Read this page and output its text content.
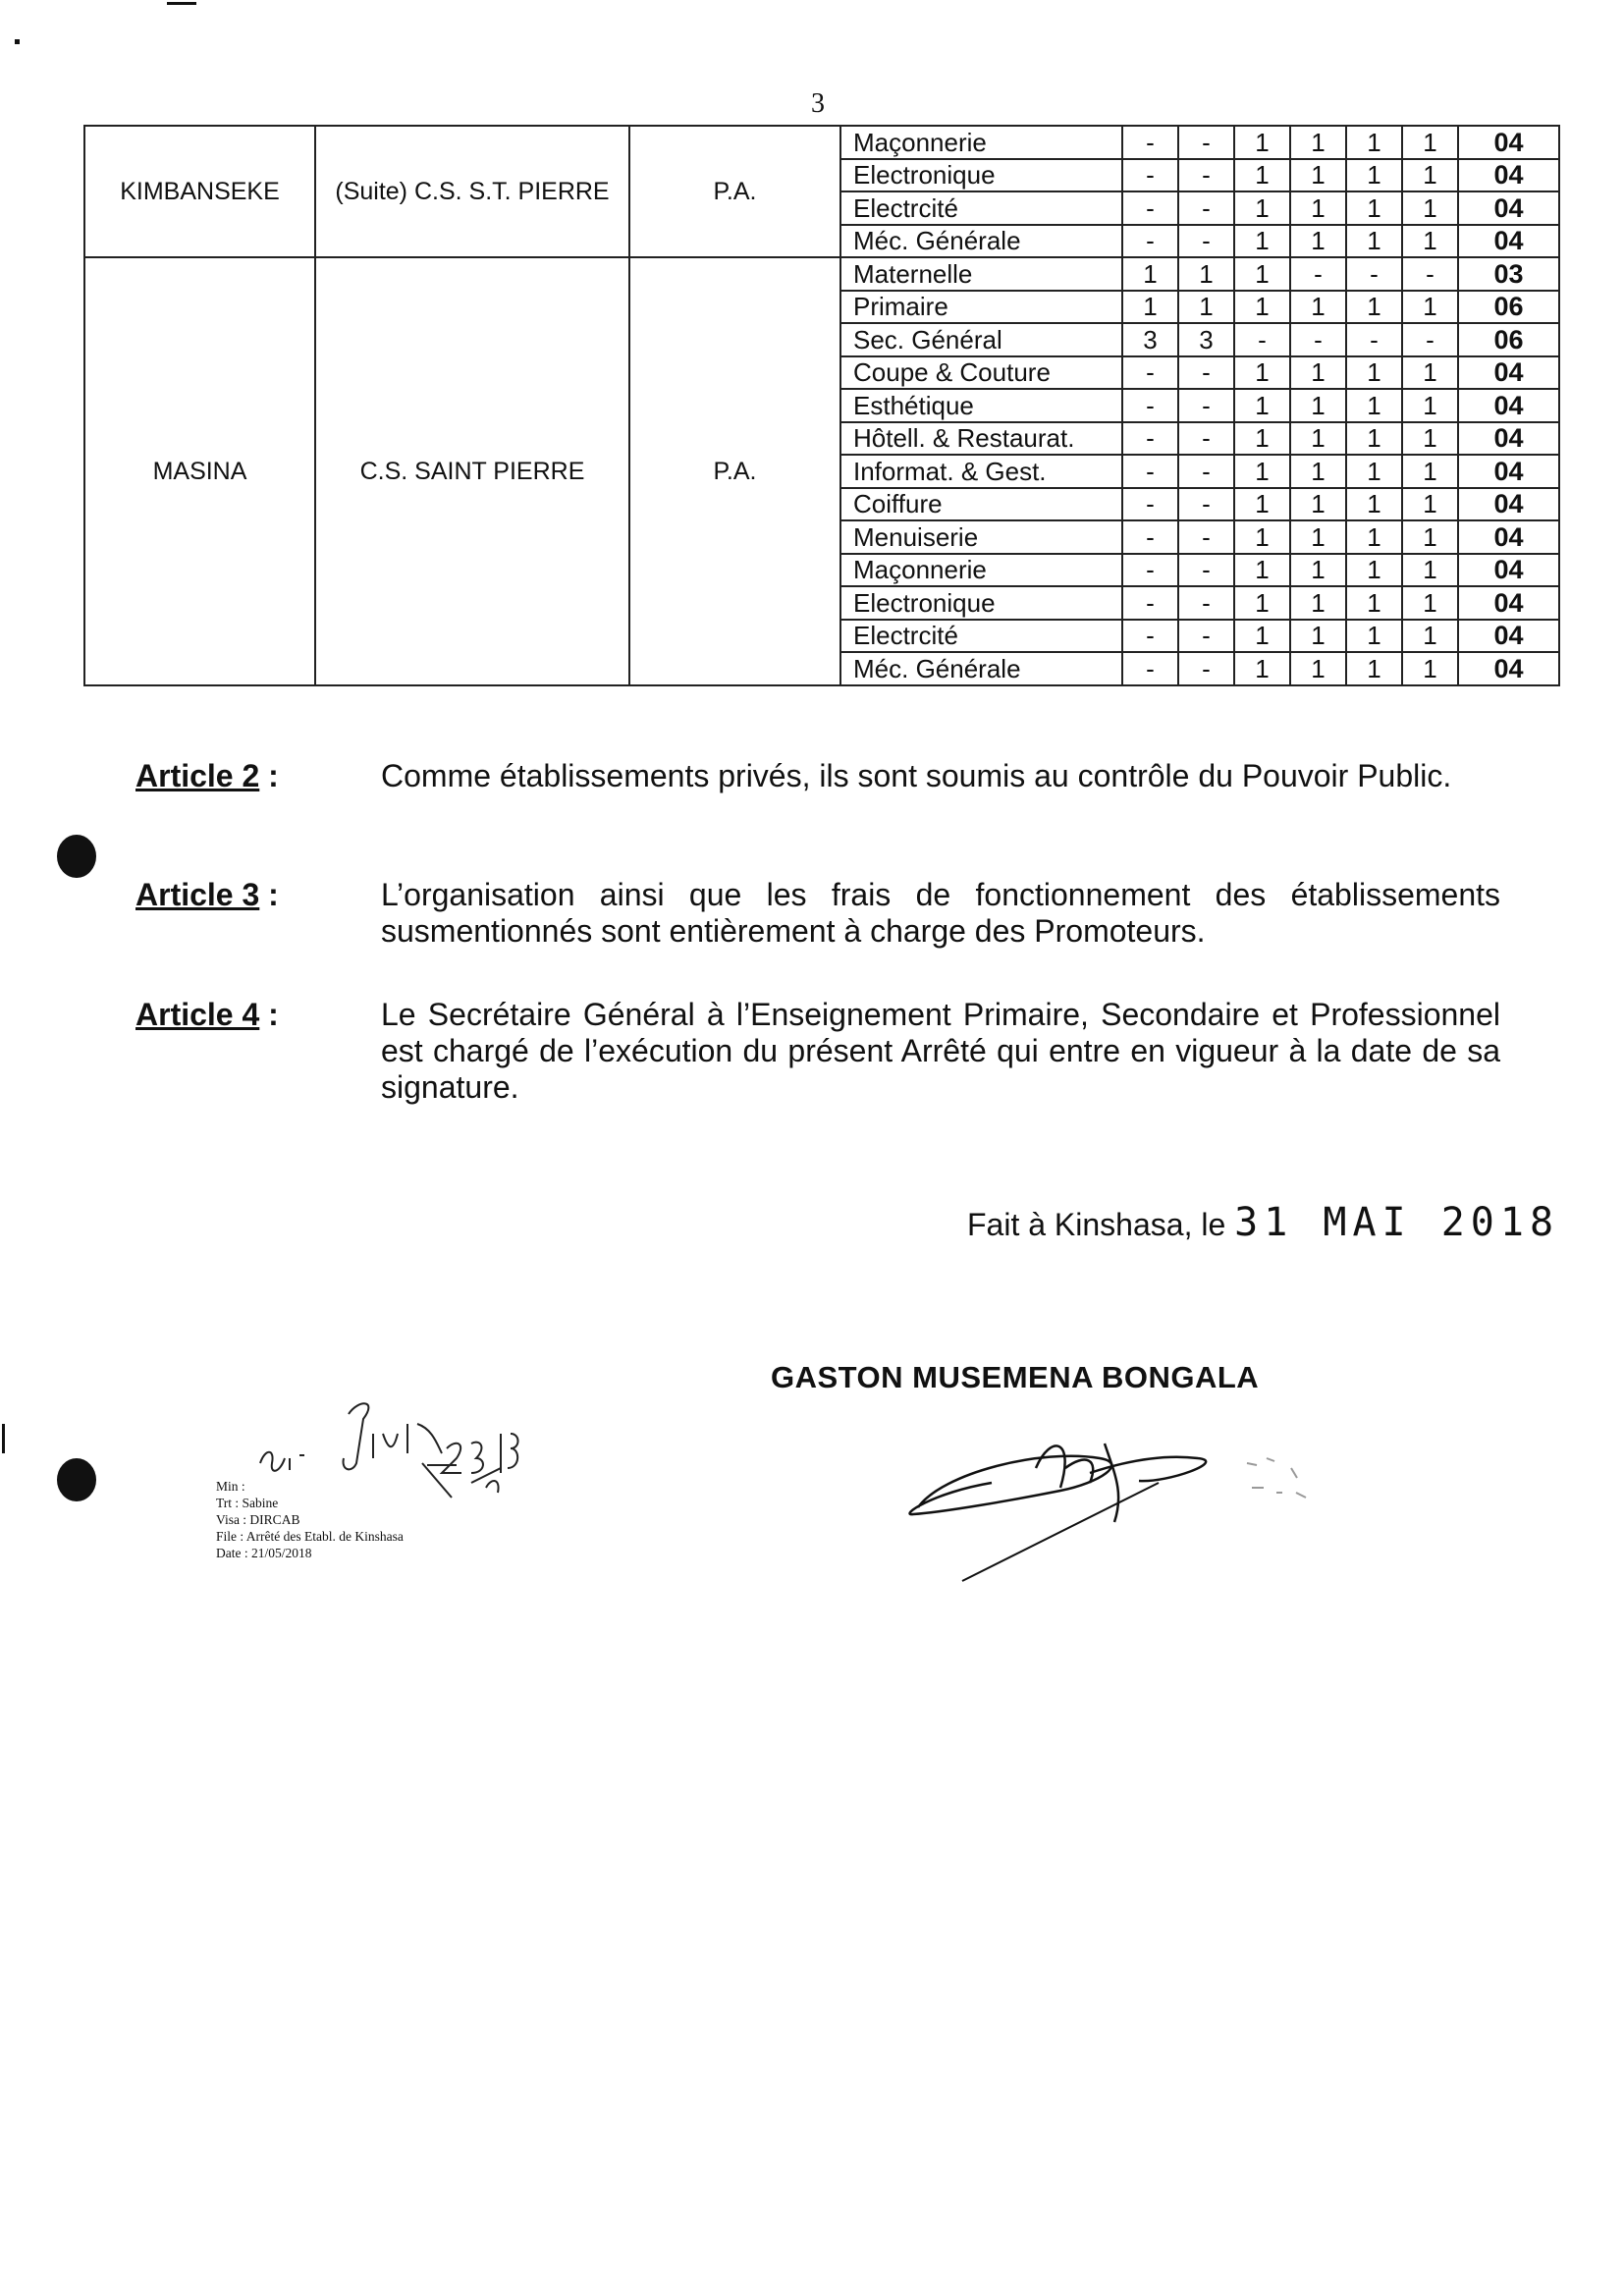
3
KIMBANSEKE	(Suite) C.S. S.T. PIERRE	P.A.	Maçonnerie	-	-	1	1	1	1	04
			Electronique	-	-	1	1	1	1	04
			Electrcité	-	-	1	1	1	1	04
			Méc. Générale	-	-	1	1	1	1	04
MASINA	C.S. SAINT PIERRE	P.A.	Maternelle	1	1	1	-	-	-	03
			Primaire	1	1	1	1	1	1	06
			Sec. Général	3	3	-	-	-	-	06
			Coupe & Couture	-	-	1	1	1	1	04
			Esthétique	-	-	1	1	1	1	04
			Hôtell. & Restaurat.	-	-	1	1	1	1	04
			Informat. & Gest.	-	-	1	1	1	1	04
			Coiffure	-	-	1	1	1	1	04
			Menuiserie	-	-	1	1	1	1	04
			Maçonnerie	-	-	1	1	1	1	04
			Electronique	-	-	1	1	1	1	04
			Electrcité	-	-	1	1	1	1	04
			Méc. Générale	-	-	1	1	1	1	04
Article 2 :	Comme établissements privés, ils sont soumis au contrôle du Pouvoir Public.
Article 3 :	L’organisation ainsi que les frais de fonctionnement des établissements susmentionnés sont entièrement à charge des Promoteurs.
Article 4 :	Le Secrétaire Général à l’Enseignement Primaire, Secondaire et Professionnel est chargé de l’exécution du présent Arrêté qui entre en vigueur à la date de sa signature.
Fait à Kinshasa, le 31 MAI 2018
GASTON MUSEMENA BONGALA
Min :
Trt : Sabine
Visa : DIRCAB
File : Arrêté des Etabl. de Kinshasa
Date : 21/05/2018
